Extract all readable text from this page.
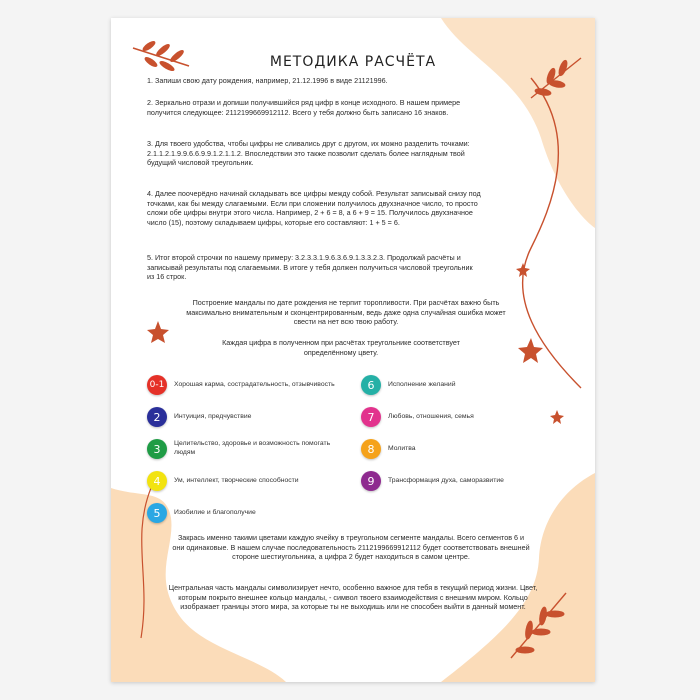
МЕТОДИКА РАСЧЁТА

1. Запиши свою дату рождения, например, 21.12.1996 в виде 21121996.

2. Зеркально отрази и допиши получившийся ряд цифр в конце исходного. В нашем примере получится следующее: 2112199669912112. Всего у тебя должно быть записано 16 знаков.

3. Для твоего удобства, чтобы цифры не сливались друг с другом, их можно разделить точками: 2.1.1.2.1.9.9.6.6.9.9.1.2.1.1.2. Впоследствии это также позволит сделать более наглядным твой будущий числовой треугольник.

4. Далее поочерёдно начинай складывать все цифры между собой. Результат записывай снизу под точками, как бы между слагаемыми. Если при сложении получилось двухзначное число, то просто сложи обе цифры внутри этого числа. Например, 2 + 6 = 8, а 6 + 9 = 15. Получилось двухзначное число (15), поэтому складываем цифры, которые его составляют: 1 + 5 = 6.

5. Итог второй строчки по нашему примеру: 3.2.3.3.1.9.6.3.6.9.1.3.3.2.3. Продолжай расчёты и записывай результаты под слагаемыми. В итоге у тебя должен получиться числовой треугольник из 16 строк.

Построение мандалы по дате рождения не терпит торопливости. При расчётах важно быть максимально внимательным и сконцентрированным, ведь даже одна случайная ошибка может свести на нет всю твою работу.

Каждая цифра в полученном при расчётах треугольнике соответствует определённому цвету.

0-1	Хорошая карма, сострадательность, отзывчивость
2	Интуиция, предчувствие
3	Целительство, здоровье и возможность помогать людям
4	Ум, интеллект, творческие способности
5	Изобилие и благополучие
6	Исполнение желаний
7	Любовь, отношения, семья
8	Молитва
9	Трансформация духа, саморазвитие

Закрась именно такими цветами каждую ячейку в треугольном сегменте мандалы. Всего сегментов 6 и они одинаковые. В нашем случае последовательность 2112199669912112 будет соответствовать внешней стороне шестиугольника, а цифра 2 будет находиться в самом центре.

Центральная часть мандалы символизирует нечто, особенно важное для тебя в текущий период жизни. Цвет, которым покрыто внешнее кольцо мандалы, - символ твоего взаимодействия с внешним миром. Кольцо изображает границы этого мира, за которые ты не выходишь или не способен выйти в данный момент.
